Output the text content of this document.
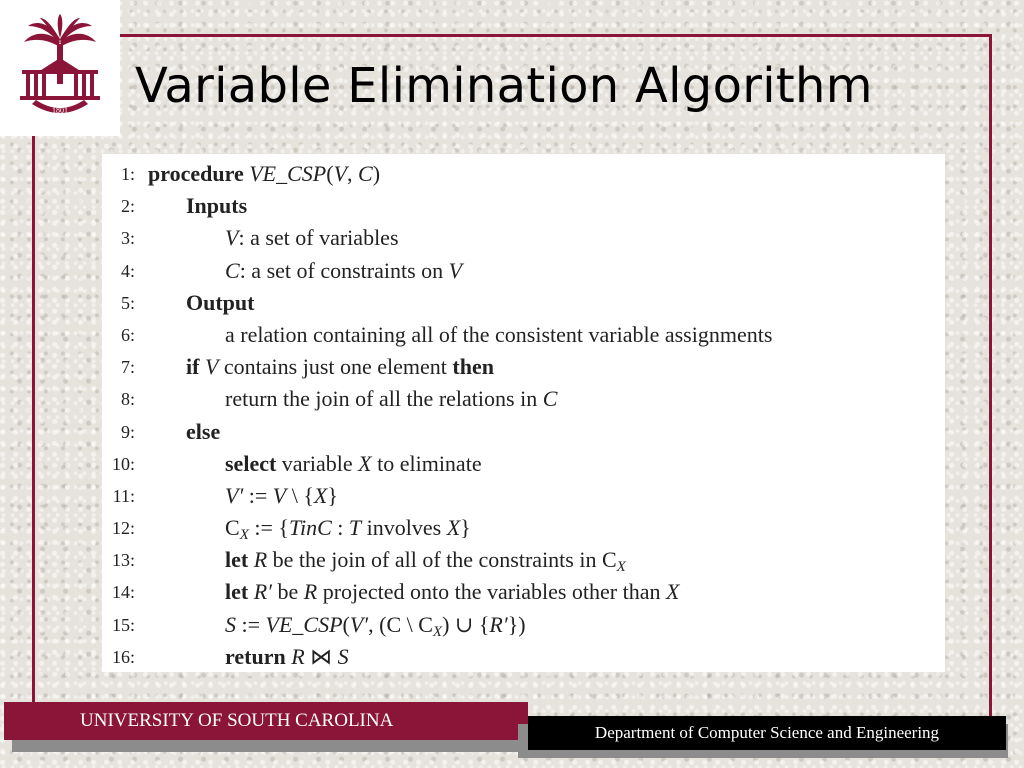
1801 Variable Elimination Algorithm
1: procedure VE_CSP(V, C)
2: Inputs
3:	V: a set of variables
4:	C: a set of constraints on V
5: Output
6:	a relation containing all of the consistent variable assignments
7: if V contains just one element then
8:	return the join of all the relations in C
9: else
10:	select variable X to eliminate
11:	V′ := V \ {X}
12:	$C_X$ := {TinC : T involves X}
13:	let R be the join of all of the constraints in $C_X$
14:	let R′ be R projected onto the variables other than X
15:	S := VE_CSP(V′, (C \ $C_X$) ∪ {R′})
16:	return R ⋈ S
UNIVERSITY OF SOUTH CAROLINA
Department of Computer Science and Engineering
